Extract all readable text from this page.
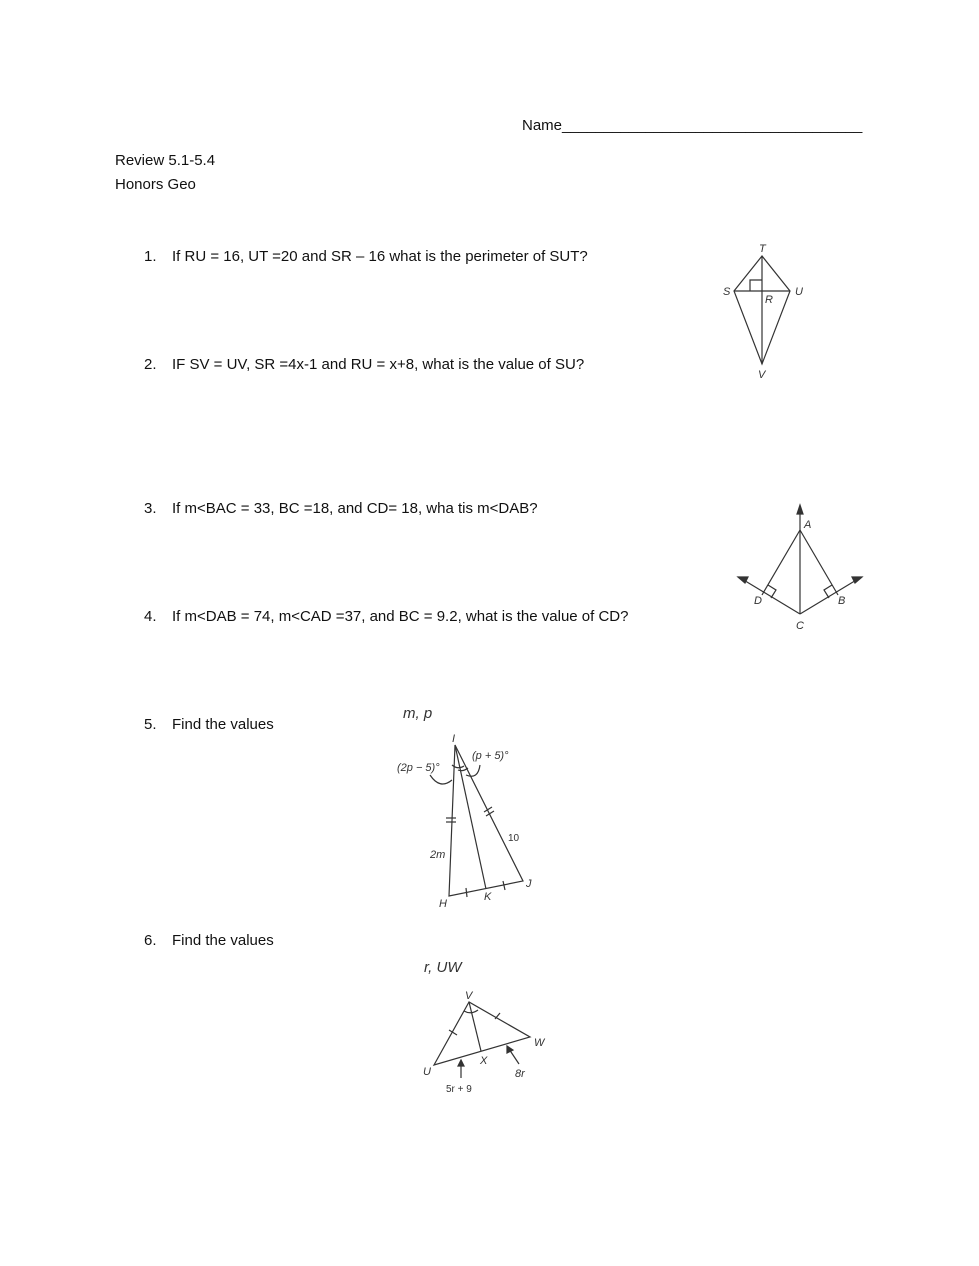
Name____________________________________
Review 5.1-5.4
Honors Geo
1. If RU = 16, UT =20 and SR – 16 what is the perimeter of SUT?
2. IF SV = UV, SR =4x-1 and RU = x+8, what is the value of SU?
3. If m<BAC = 33, BC =18, and CD= 18, wha tis m<DAB?
4. If m<DAB = 74, m<CAD =37, and BC = 9.2, what is the value of CD?
5. Find the values
6. Find the values
T
S	U
R
V
A
D	B
C
m, p
I
(2p − 5)°
(p + 5)°
2m
10
H
K
J
r, UW
V
U
X
W
5r + 9
8r
